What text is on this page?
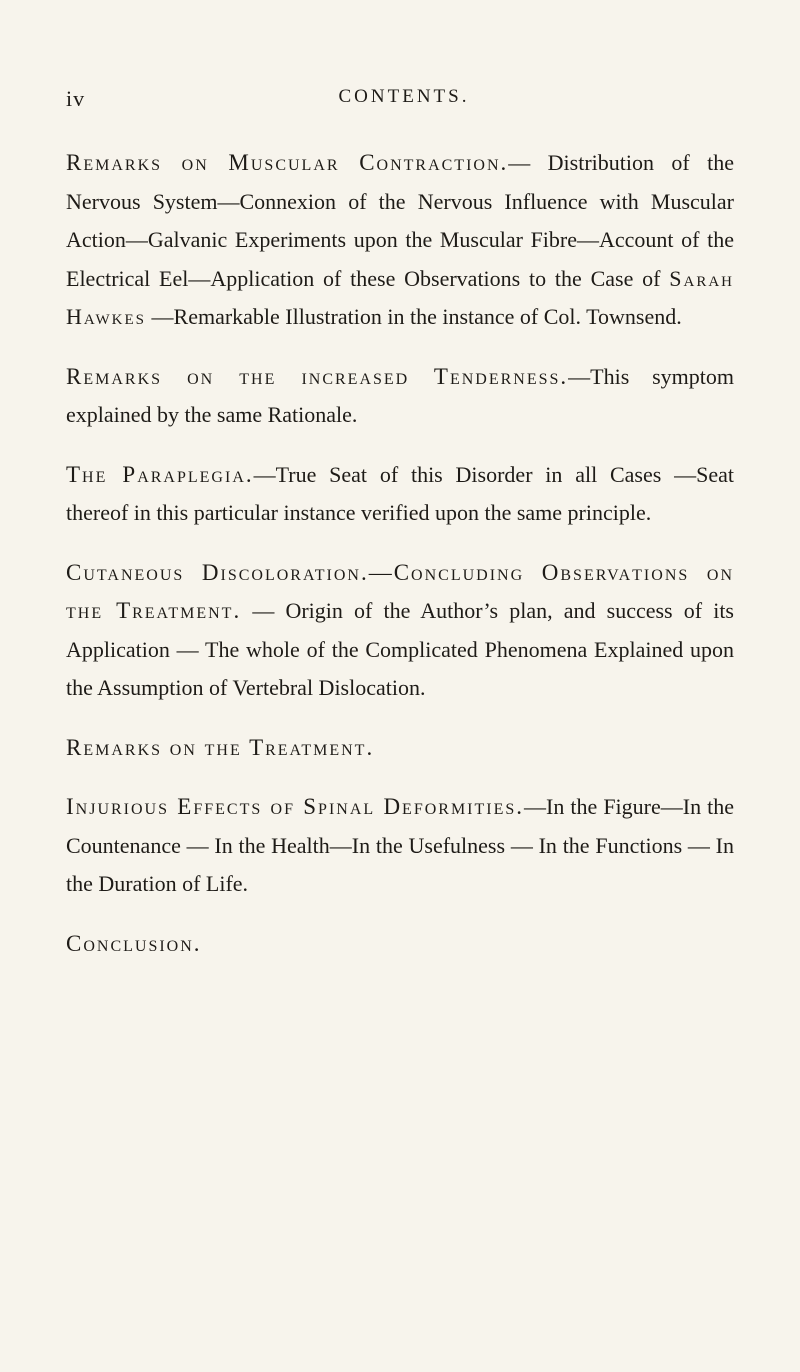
iv	CONTENTS.

Remarks on Muscular Contraction.— Distribution of the Nervous System—Connexion of the Nervous Influence with Muscular Action—Galvanic Experiments upon the Muscular Fibre—Account of the Electrical Eel—Application of these Observations to the Case of Sarah Hawkes —Remarkable Illustration in the instance of Col. Townsend.

Remarks on the increased Tenderness.—This symptom explained by the same Rationale.

The Paraplegia.—True Seat of this Disorder in all Cases —Seat thereof in this particular instance verified upon the same principle.

Cutaneous Discoloration.—Concluding Observations on the Treatment. — Origin of the Author’s plan, and success of its Application — The whole of the Complicated Phenomena Explained upon the Assumption of Vertebral Dislocation.

Remarks on the Treatment.

Injurious Effects of Spinal Deformities.—In the Figure—In the Countenance — In the Health—In the Usefulness — In the Functions — In the Duration of Life.

Conclusion.
